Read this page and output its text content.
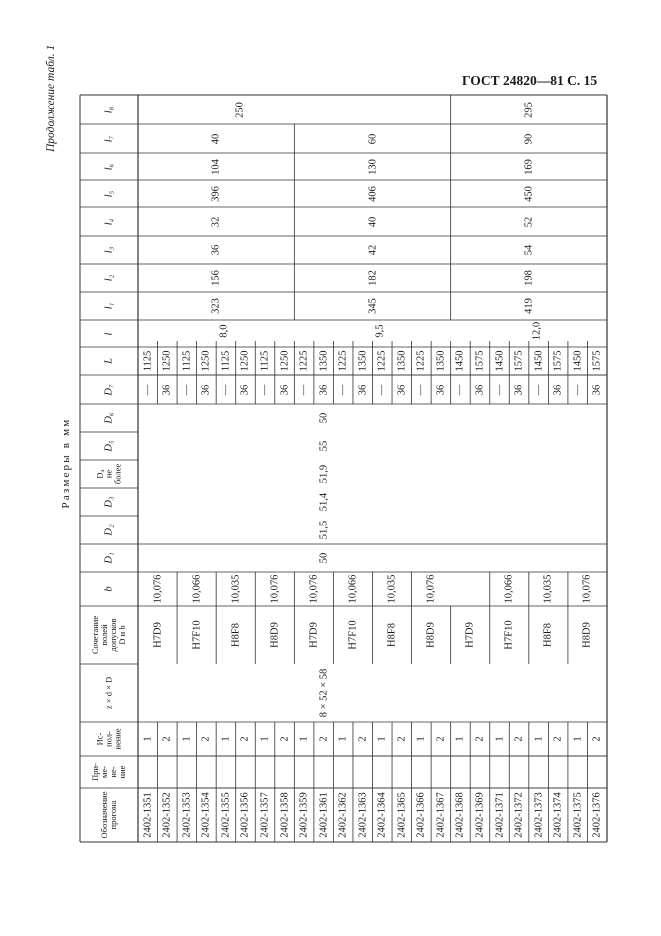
ГОСТ 24820—81 С. 15
Продолжение табл. 1
Размеры в мм
l₈
l₇
l₆
l₅
l₄
l₃
l₂
l₁
l
L
D₇
D₆
D₅
D₄
не
более
D₃
D₂
D₁
b
Сочетание
полей
допусков
D и b
z × d × D
Ис-
пол-
нение
При-
ме-
не-
ние
Обозначение
прогона 2402-1351
1
—
1125
2402-1352
2
36
1250
2402-1353
1
—
1125
2402-1354
2
36
1250
2402-1355
1
—
1125
2402-1356
2
36
1250
2402-1357
1
—
1125
2402-1358
2
36
1250
2402-1359
1
—
1225
2402-1361
2
36
1350
2402-1362
1
—
1225
2402-1363
2
36
1350
2402-1364
1
—
1225
2402-1365
2
36
1350
2402-1366
1
—
1225
2402-1367
2
36
1350
2402-1368
1
—
1450
2402-1369
2
36
1575
2402-1371
1
—
1450
2402-1372
2
36
1575
2402-1373
1
—
1450
2402-1374
2
36
1575
2402-1375
1
—
1450
2402-1376
2
36
1575
H7D9
10,076
H7F10
10,066
H8F8
10,035
H8D9
10,076
H7D9
10,076
H7F10
10,066
H8F8
10,035
H8D9
10,076
H7D9	H7F10
10,066
H8F8
10,035
H8D9
10,076
8 × 52 × 58
50
51,5
51,4
51,9
55
50
250	295
8,0
323
156
36
32
396
104
40
9,5
345
182
42
40
406
130
60
12,0
419
198
54
52
450
169
90
